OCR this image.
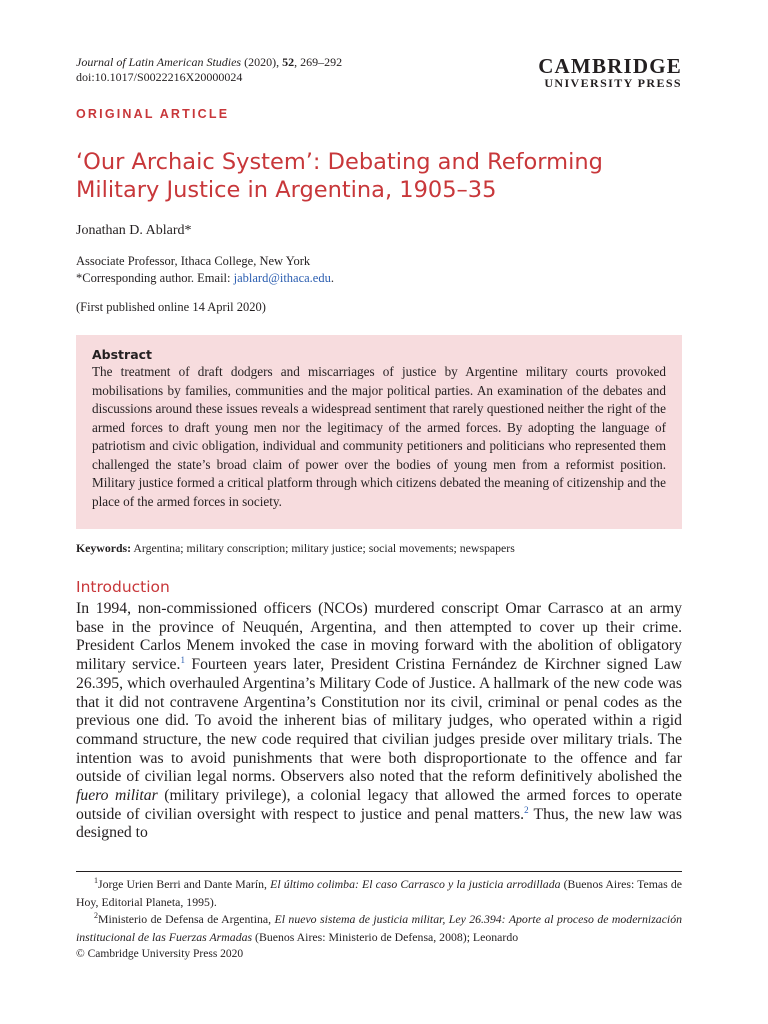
Journal of Latin American Studies (2020), 52, 269–292
doi:10.1017/S0022216X20000024	CAMBRIDGE
UNIVERSITY PRESS
ORIGINAL ARTICLE
‘Our Archaic System’: Debating and Reforming Military Justice in Argentina, 1905–35
Jonathan D. Ablard*
Associate Professor, Ithaca College, New York
*Corresponding author. Email: jablard@ithaca.edu.
(First published online 14 April 2020)
Abstract

The treatment of draft dodgers and miscarriages of justice by Argentine military courts provoked mobilisations by families, communities and the major political parties. An examination of the debates and discussions around these issues reveals a widespread sentiment that rarely questioned neither the right of the armed forces to draft young men nor the legitimacy of the armed forces. By adopting the language of patriotism and civic obligation, individual and community petitioners and politicians who represented them challenged the state’s broad claim of power over the bodies of young men from a reformist position. Military justice formed a critical platform through which citizens debated the meaning of citizenship and the place of the armed forces in society.

Keywords: Argentina; military conscription; military justice; social movements; newspapers
Introduction

In 1994, non-commissioned officers (NCOs) murdered conscript Omar Carrasco at an army base in the province of Neuquén, Argentina, and then attempted to cover up their crime. President Carlos Menem invoked the case in moving forward with the abolition of obligatory military service.$^1$ Fourteen years later, President Cristina Fernández de Kirchner signed Law 26.395, which overhauled Argentina’s Military Code of Justice. A hallmark of the new code was that it did not contravene Argentina’s Constitution nor its civil, criminal or penal codes as the previous one did. To avoid the inherent bias of military judges, who operated within a rigid command structure, the new code required that civilian judges preside over military trials. The intention was to avoid punishments that were both disproportionate to the offence and far outside of civilian legal norms. Observers also noted that the reform definitively abolished the fuero militar (military privilege), a colonial legacy that allowed the armed forces to operate outside of civilian oversight with respect to justice and penal matters.$^2$ Thus, the new law was designed to

$^1$Jorge Urien Berri and Dante Marín, El último colimba: El caso Carrasco y la justicia arrodillada (Buenos Aires: Temas de Hoy, Editorial Planeta, 1995).

$^2$Ministerio de Defensa de Argentina, El nuevo sistema de justicia militar, Ley 26.394: Aporte al proceso de modernización institucional de las Fuerzas Armadas (Buenos Aires: Ministerio de Defensa, 2008); Leonardo

© Cambridge University Press 2020
